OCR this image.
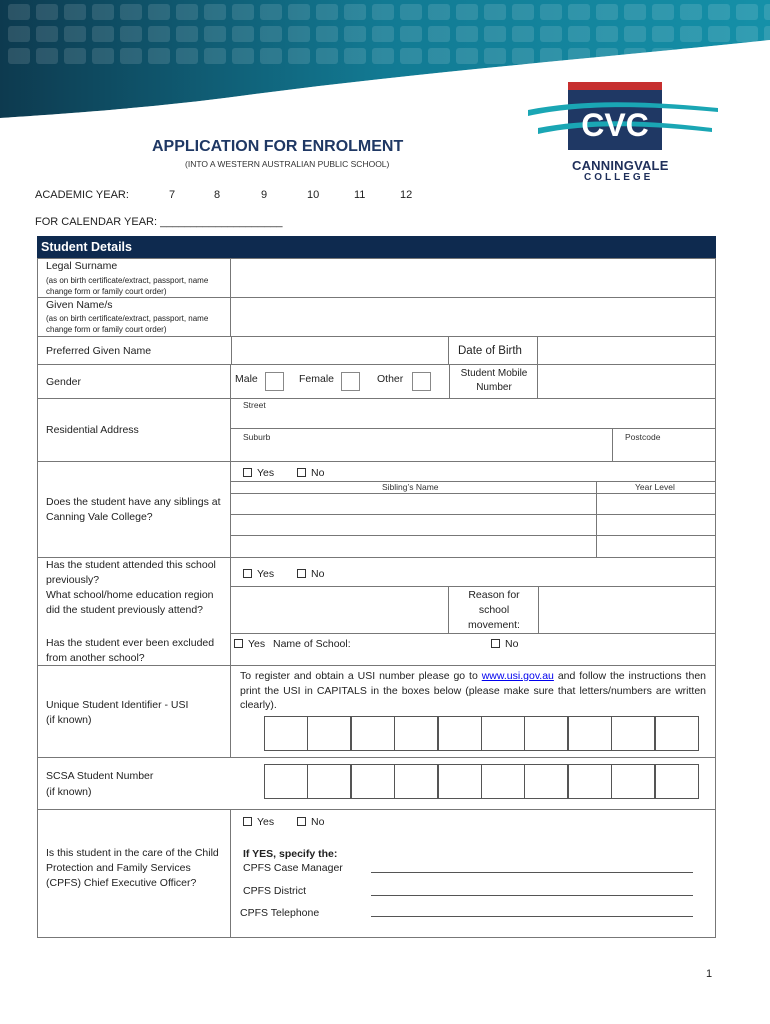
CVC
CANNINGVALE
COLLEGE
APPLICATION FOR ENROLMENT
(INTO A WESTERN AUSTRALIAN PUBLIC SCHOOL)
ACADEMIC YEAR:	7	8	9	10	11	12
FOR CALENDAR YEAR: ____________________
Student Details
Legal Surname
(as on birth certificate/extract, passport, name change form or family court order)
Given Name/s
(as on birth certificate/extract, passport, name change form or family court order)
Preferred Given Name	Date of Birth
Gender	Male	Female	Other	Student Mobile Number
Residential Address
Street
Suburb	Postcode
Does the student have any siblings at Canning Vale College?
Yes	No
Sibling’s Name	Year Level
Has the student attended this school previously?	Yes	No
What school/home education region did the student previously attend?
Reason for school movement:
Has the student ever been excluded from another school?
Yes Name of School:	No
Unique Student Identifier - USI
(if known)
To register and obtain a USI number please go to www.usi.gov.au and follow the instructions then print the USI in CAPITALS in the boxes below (please make sure that letters/numbers are written clearly).
SCSA Student Number
(if known)
Is this student in the care of the Child Protection and Family Services (CPFS) Chief Executive Officer?
Yes	No
If YES, specify the:
CPFS Case Manager
CPFS District
CPFS Telephone
1
